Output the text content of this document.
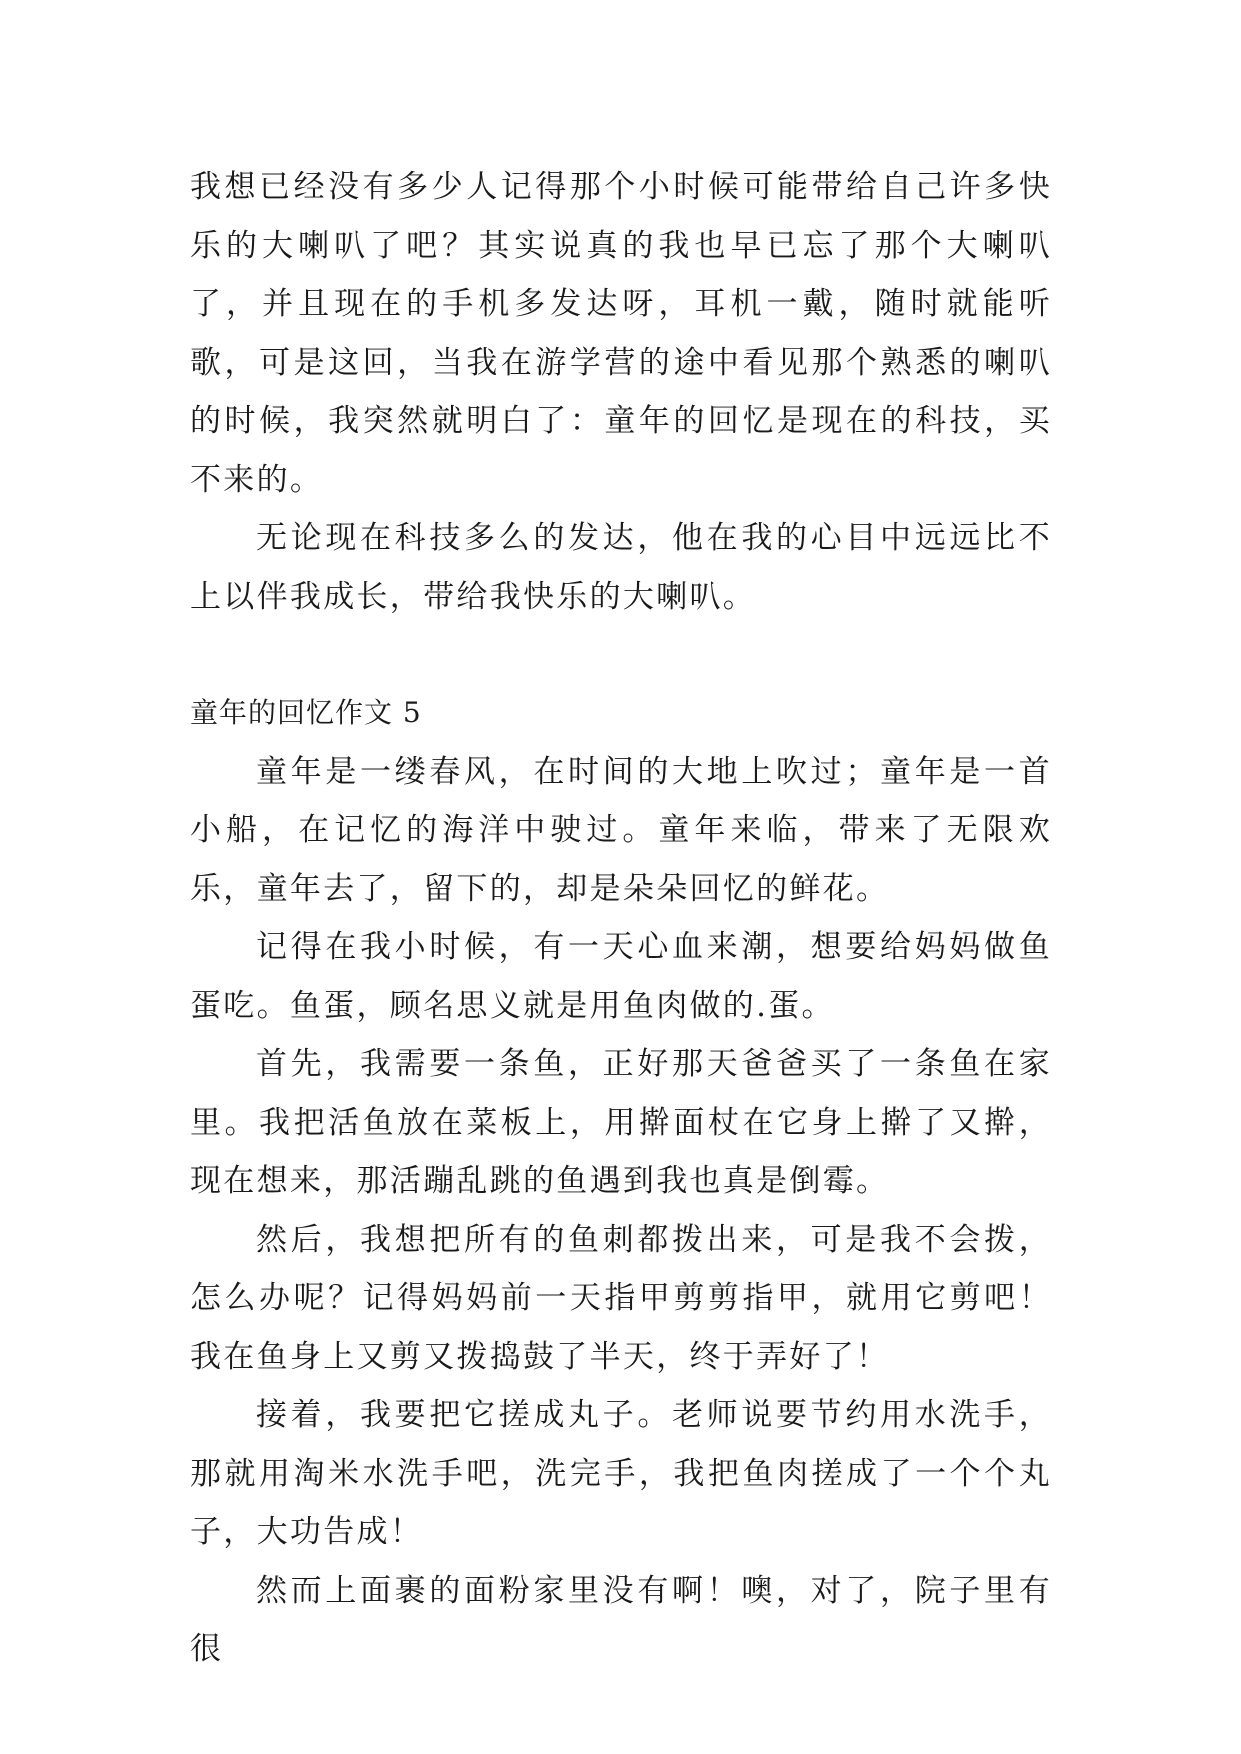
我想已经没有多少人记得那个小时候可能带给自己许多快乐的大喇叭了吧？其实说真的我也早已忘了那个大喇叭了，并且现在的手机多发达呀，耳机一戴，随时就能听歌，可是这回，当我在游学营的途中看见那个熟悉的喇叭的时候，我突然就明白了：童年的回忆是现在的科技，买不来的。

无论现在科技多么的发达，他在我的心目中远远比不上以伴我成长，带给我快乐的大喇叭。

童年的回忆作文 5

童年是一缕春风，在时间的大地上吹过；童年是一首小船，在记忆的海洋中驶过。童年来临，带来了无限欢乐，童年去了，留下的，却是朵朵回忆的鲜花。

记得在我小时候，有一天心血来潮，想要给妈妈做鱼蛋吃。鱼蛋，顾名思义就是用鱼肉做的.蛋。

首先，我需要一条鱼，正好那天爸爸买了一条鱼在家里。我把活鱼放在菜板上，用擀面杖在它身上擀了又擀，现在想来，那活蹦乱跳的鱼遇到我也真是倒霉。

然后，我想把所有的鱼刺都拨出来，可是我不会拨，怎么办呢？记得妈妈前一天指甲剪剪指甲，就用它剪吧！我在鱼身上又剪又拨捣鼓了半天，终于弄好了！

接着，我要把它搓成丸子。老师说要节约用水洗手，那就用淘米水洗手吧，洗完手，我把鱼肉搓成了一个个丸子，大功告成！

然而上面裹的面粉家里没有啊！噢，对了，院子里有很
